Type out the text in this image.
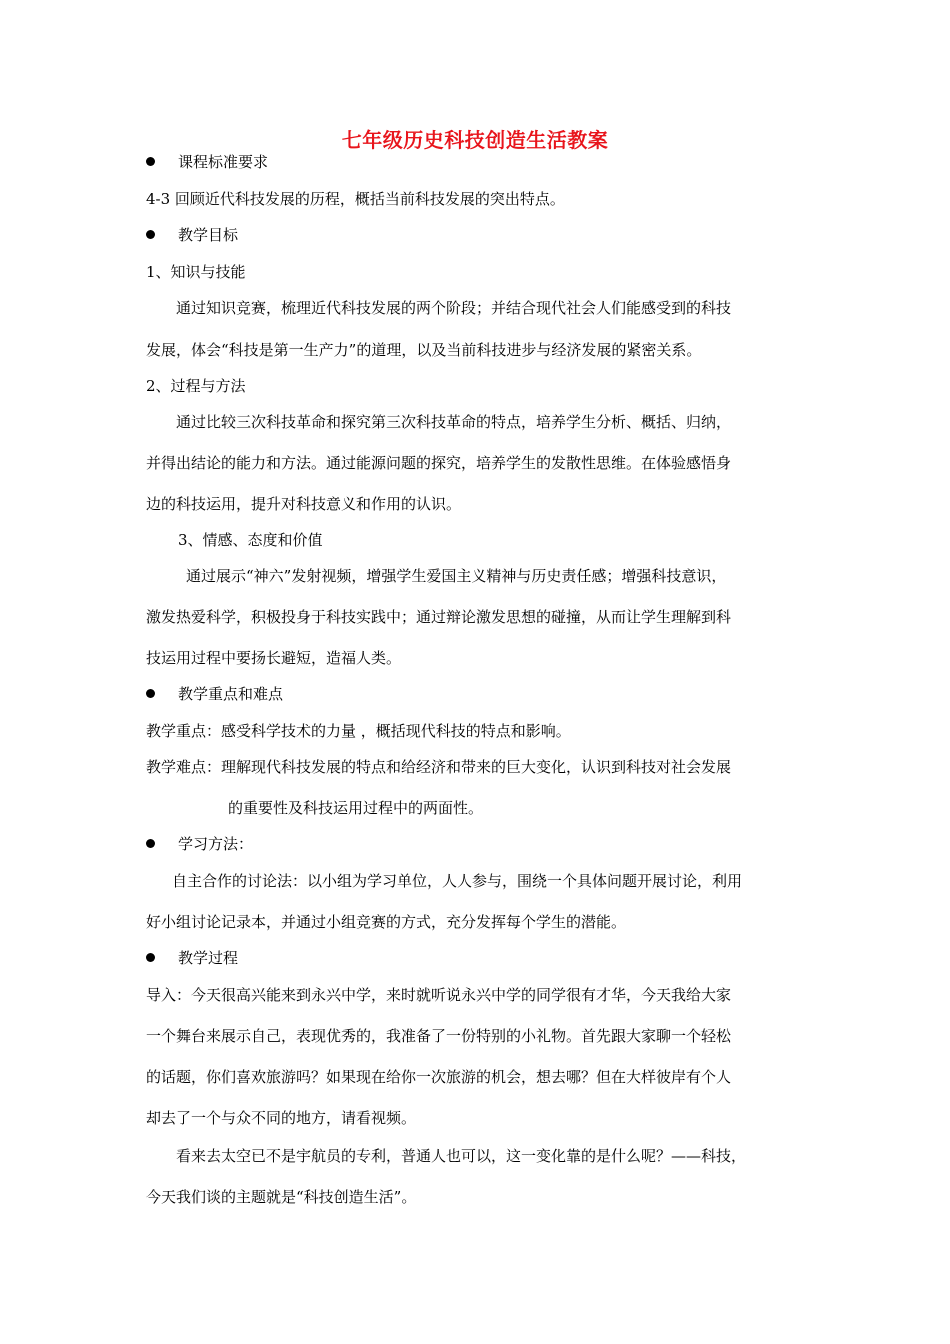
七年级历史科技创造生活教案
课程标准要求
4-3 回顾近代科技发展的历程，概括当前科技发展的突出特点。
教学目标
1、知识与技能
通过知识竞赛，梳理近代科技发展的两个阶段；并结合现代社会人们能感受到的科技
发展，体会“科技是第一生产力”的道理，以及当前科技进步与经济发展的紧密关系。
2、过程与方法
通过比较三次科技革命和探究第三次科技革命的特点，培养学生分析、概括、归纳，
并得出结论的能力和方法。通过能源问题的探究，培养学生的发散性思维。在体验感悟身
边的科技运用，提升对科技意义和作用的认识。
3、情感、态度和价值
通过展示“神六”发射视频，增强学生爱国主义精神与历史责任感；增强科技意识，
激发热爱科学，积极投身于科技实践中；通过辩论激发思想的碰撞，从而让学生理解到科
技运用过程中要扬长避短，造福人类。
教学重点和难点
教学重点：感受科学技术的力量 ，概括现代科技的特点和影响。
教学难点：理解现代科技发展的特点和给经济和带来的巨大变化，认识到科技对社会发展
的重要性及科技运用过程中的两面性。
学习方法：
自主合作的讨论法：以小组为学习单位，人人参与，围绕一个具体问题开展讨论，利用
好小组讨论记录本，并通过小组竞赛的方式，充分发挥每个学生的潜能。
教学过程
导入：今天很高兴能来到永兴中学，来时就听说永兴中学的同学很有才华，今天我给大家
一个舞台来展示自己，表现优秀的，我准备了一份特别的小礼物。首先跟大家聊一个轻松
的话题，你们喜欢旅游吗？如果现在给你一次旅游的机会，想去哪？但在大样彼岸有个人
却去了一个与众不同的地方，请看视频。
看来去太空已不是宇航员的专利，普通人也可以，这一变化靠的是什么呢？——科技，
今天我们谈的主题就是“科技创造生活”。
